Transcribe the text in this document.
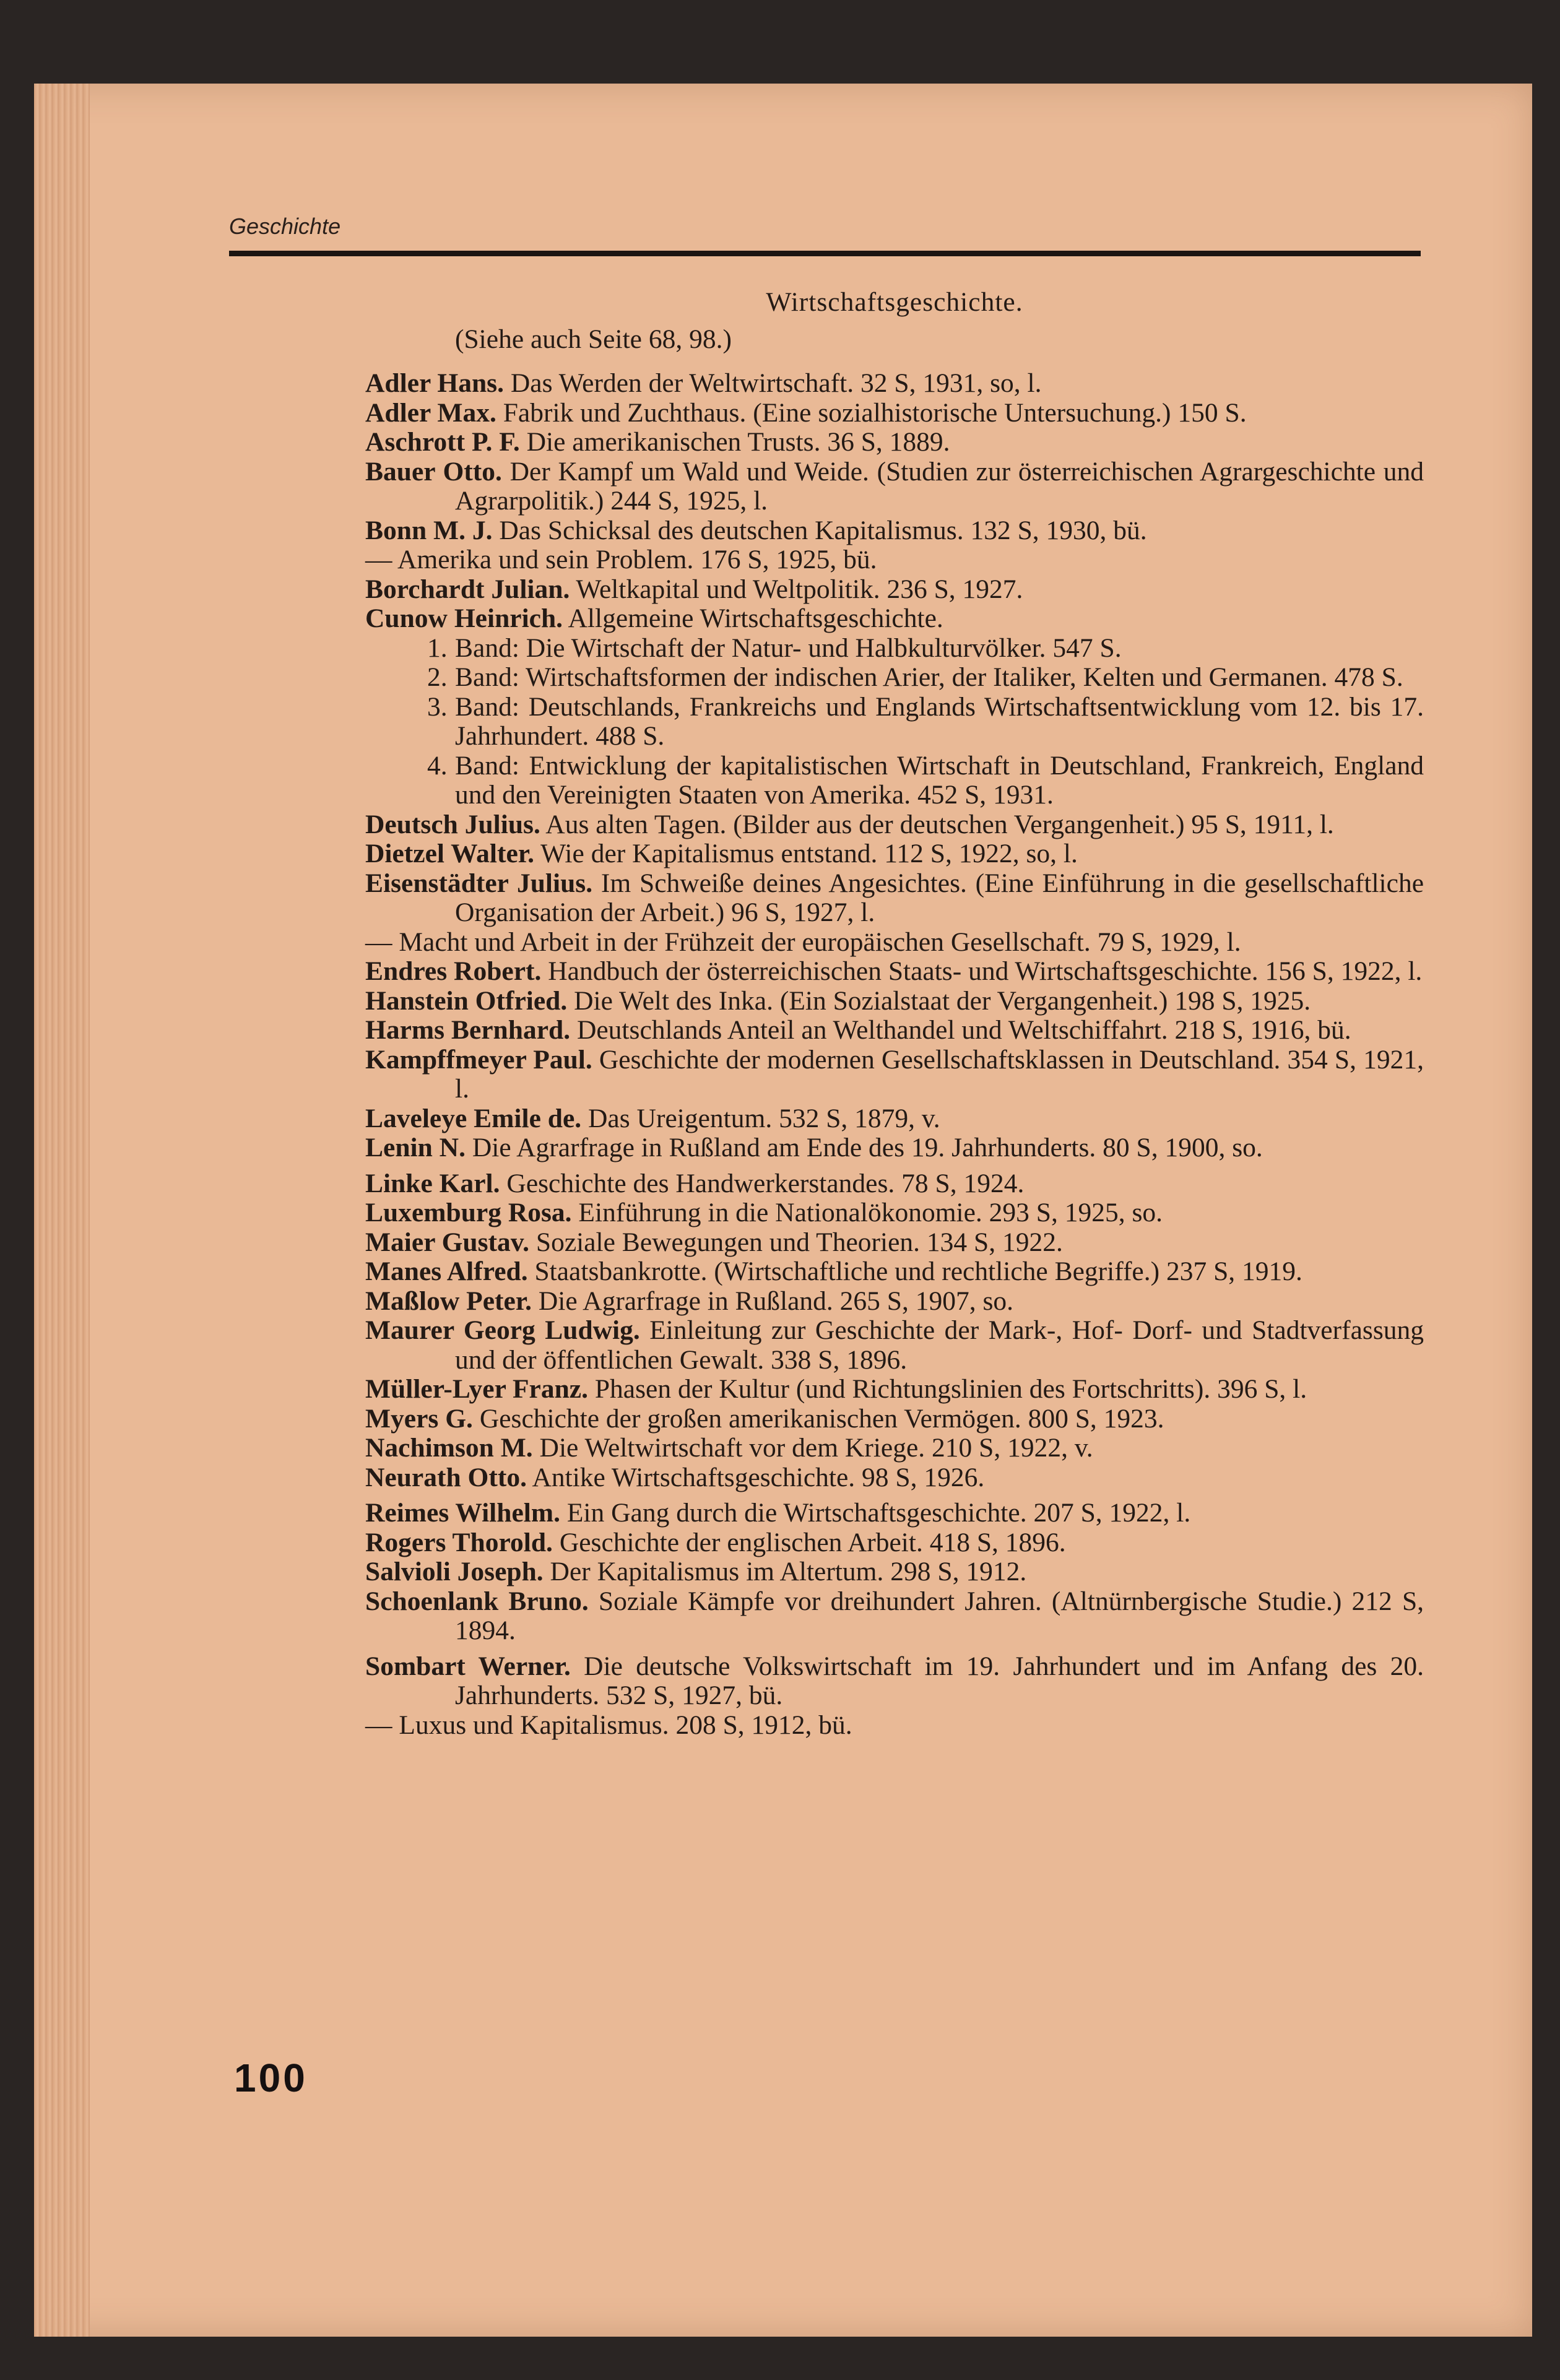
Geschichte

Wirtschaftsgeschichte.

(Siehe auch Seite 68, 98.)

Adler Hans. Das Werden der Weltwirtschaft. 32 S, 1931, so, l.

Adler Max. Fabrik und Zuchthaus. (Eine sozialhistorische Untersuchung.) 150 S.

Aschrott P. F. Die amerikanischen Trusts. 36 S, 1889.

Bauer Otto. Der Kampf um Wald und Weide. (Studien zur österreichischen Agrargeschichte und Agrarpolitik.) 244 S, 1925, l.

Bonn M. J. Das Schicksal des deutschen Kapitalismus. 132 S, 1930, bü.

— Amerika und sein Problem. 176 S, 1925, bü.

Borchardt Julian. Weltkapital und Weltpolitik. 236 S, 1927.

Cunow Heinrich. Allgemeine Wirtschaftsgeschichte.

1. Band: Die Wirtschaft der Natur- und Halbkulturvölker. 547 S.

2. Band: Wirtschaftsformen der indischen Arier, der Italiker, Kelten und Germanen. 478 S.

3. Band: Deutschlands, Frankreichs und Englands Wirtschaftsentwicklung vom 12. bis 17. Jahrhundert. 488 S.

4. Band: Entwicklung der kapitalistischen Wirtschaft in Deutschland, Frankreich, England und den Vereinigten Staaten von Amerika. 452 S, 1931.

Deutsch Julius. Aus alten Tagen. (Bilder aus der deutschen Vergangenheit.) 95 S, 1911, l.

Dietzel Walter. Wie der Kapitalismus entstand. 112 S, 1922, so, l.

Eisenstädter Julius. Im Schweiße deines Angesichtes. (Eine Einführung in die gesellschaftliche Organisation der Arbeit.) 96 S, 1927, l.

— Macht und Arbeit in der Frühzeit der europäischen Gesellschaft. 79 S, 1929, l.

Endres Robert. Handbuch der österreichischen Staats- und Wirtschaftsgeschichte. 156 S, 1922, l.

Hanstein Otfried. Die Welt des Inka. (Ein Sozialstaat der Vergangenheit.) 198 S, 1925.

Harms Bernhard. Deutschlands Anteil an Welthandel und Weltschiffahrt. 218 S, 1916, bü.

Kampffmeyer Paul. Geschichte der modernen Gesellschaftsklassen in Deutschland. 354 S, 1921, l.

Laveleye Emile de. Das Ureigentum. 532 S, 1879, v.

Lenin N. Die Agrarfrage in Rußland am Ende des 19. Jahrhunderts. 80 S, 1900, so.

Linke Karl. Geschichte des Handwerkerstandes. 78 S, 1924.

Luxemburg Rosa. Einführung in die Nationalökonomie. 293 S, 1925, so.

Maier Gustav. Soziale Bewegungen und Theorien. 134 S, 1922.

Manes Alfred. Staatsbankrotte. (Wirtschaftliche und rechtliche Begriffe.) 237 S, 1919.

Maßlow Peter. Die Agrarfrage in Rußland. 265 S, 1907, so.

Maurer Georg Ludwig. Einleitung zur Geschichte der Mark-, Hof- Dorf- und Stadtverfassung und der öffentlichen Gewalt. 338 S, 1896.

Müller-Lyer Franz. Phasen der Kultur (und Richtungslinien des Fortschritts). 396 S, l.

Myers G. Geschichte der großen amerikanischen Vermögen. 800 S, 1923.

Nachimson M. Die Weltwirtschaft vor dem Kriege. 210 S, 1922, v.

Neurath Otto. Antike Wirtschaftsgeschichte. 98 S, 1926.

Reimes Wilhelm. Ein Gang durch die Wirtschaftsgeschichte. 207 S, 1922, l.

Rogers Thorold. Geschichte der englischen Arbeit. 418 S, 1896.

Salvioli Joseph. Der Kapitalismus im Altertum. 298 S, 1912.

Schoenlank Bruno. Soziale Kämpfe vor dreihundert Jahren. (Altnürnbergische Studie.) 212 S, 1894.

Sombart Werner. Die deutsche Volkswirtschaft im 19. Jahrhundert und im Anfang des 20. Jahrhunderts. 532 S, 1927, bü.

— Luxus und Kapitalismus. 208 S, 1912, bü.

100
